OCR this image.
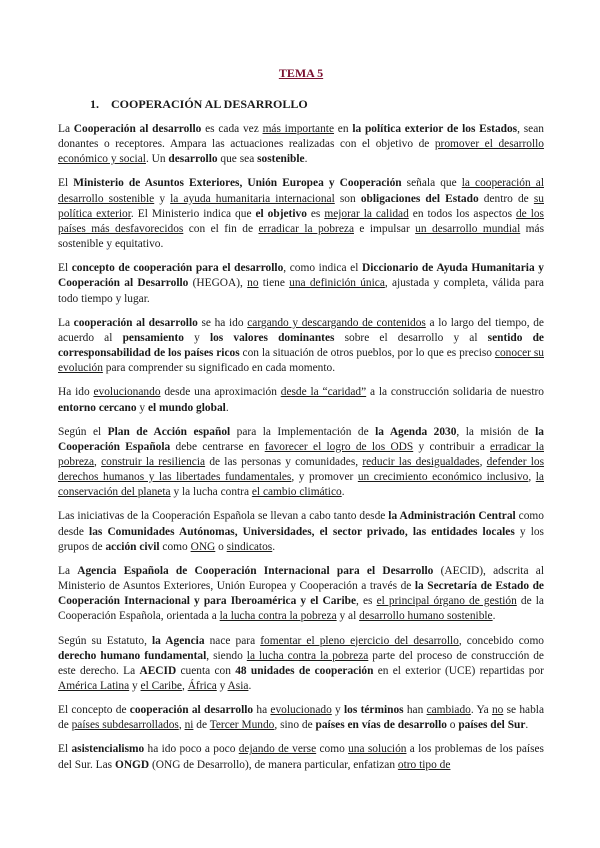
TEMA 5
1. COOPERACIÓN AL DESARROLLO

La Cooperación al desarrollo es cada vez más importante en la política exterior de los Estados, sean donantes o receptores. Ampara las actuaciones realizadas con el objetivo de promover el desarrollo económico y social. Un desarrollo que sea sostenible.

El Ministerio de Asuntos Exteriores, Unión Europea y Cooperación señala que la cooperación al desarrollo sostenible y la ayuda humanitaria internacional son obligaciones del Estado dentro de su política exterior. El Ministerio indica que el objetivo es mejorar la calidad en todos los aspectos de los países más desfavorecidos con el fin de erradicar la pobreza e impulsar un desarrollo mundial más sostenible y equitativo.

El concepto de cooperación para el desarrollo, como indica el Diccionario de Ayuda Humanitaria y Cooperación al Desarrollo (HEGOA), no tiene una definición única, ajustada y completa, válida para todo tiempo y lugar.

La cooperación al desarrollo se ha ido cargando y descargando de contenidos a lo largo del tiempo, de acuerdo al pensamiento y los valores dominantes sobre el desarrollo y al sentido de corresponsabilidad de los países ricos con la situación de otros pueblos, por lo que es preciso conocer su evolución para comprender su significado en cada momento.

Ha ido evolucionando desde una aproximación desde la “caridad” a la construcción solidaria de nuestro entorno cercano y el mundo global.

Según el Plan de Acción español para la Implementación de la Agenda 2030, la misión de la Cooperación Española debe centrarse en favorecer el logro de los ODS y contribuir a erradicar la pobreza, construir la resiliencia de las personas y comunidades, reducir las desigualdades, defender los derechos humanos y las libertades fundamentales, y promover un crecimiento económico inclusivo, la conservación del planeta y la lucha contra el cambio climático.

Las iniciativas de la Cooperación Española se llevan a cabo tanto desde la Administración Central como desde las Comunidades Autónomas, Universidades, el sector privado, las entidades locales y los grupos de acción civil como ONG o sindicatos.

La Agencia Española de Cooperación Internacional para el Desarrollo (AECID), adscrita al Ministerio de Asuntos Exteriores, Unión Europea y Cooperación a través de la Secretaría de Estado de Cooperación Internacional y para Iberoamérica y el Caribe, es el principal órgano de gestión de la Cooperación Española, orientada a la lucha contra la pobreza y al desarrollo humano sostenible.

Según su Estatuto, la Agencia nace para fomentar el pleno ejercicio del desarrollo, concebido como derecho humano fundamental, siendo la lucha contra la pobreza parte del proceso de construcción de este derecho. La AECID cuenta con 48 unidades de cooperación en el exterior (UCE) repartidas por América Latina y el Caribe, África y Asia.

El concepto de cooperación al desarrollo ha evolucionado y los términos han cambiado. Ya no se habla de países subdesarrollados, ni de Tercer Mundo, sino de países en vías de desarrollo o países del Sur.

El asistencialismo ha ido poco a poco dejando de verse como una solución a los problemas de los países del Sur. Las ONGD (ONG de Desarrollo), de manera particular, enfatizan otro tipo de
